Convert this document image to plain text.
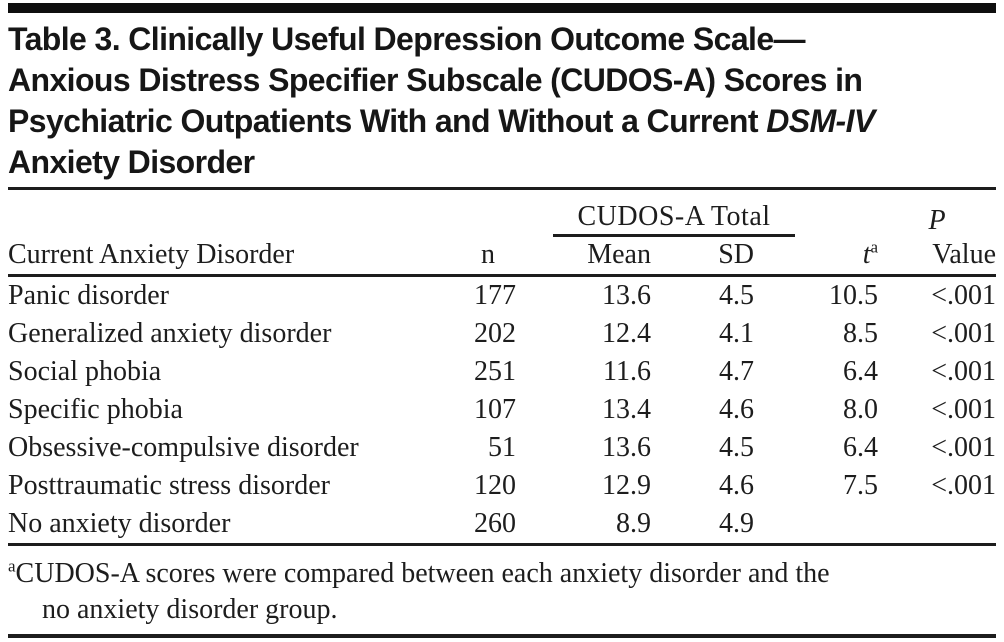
Table 3. Clinically Useful Depression Outcome Scale—
Anxious Distress Specifier Subscale (CUDOS-A) Scores in
Psychiatric Outpatients With and Without a Current DSM-IV
Anxiety Disorder

		CUDOS-A Total			P
Current Anxiety Disorder	n	Mean	SD	$t^a$	Value
Panic disorder	177	13.6	4.5	10.5	<.001
Generalized anxiety disorder	202	12.4	4.1	8.5	<.001
Social phobia	251	11.6	4.7	6.4	<.001
Specific phobia	107	13.4	4.6	8.0	<.001
Obsessive-compulsive disorder	51	13.6	4.5	6.4	<.001
Posttraumatic stress disorder	120	12.9	4.6	7.5	<.001
No anxiety disorder	260	8.9	4.9		
$^a$CUDOS-A scores were compared between each anxiety disorder and the
no anxiety disorder group.
